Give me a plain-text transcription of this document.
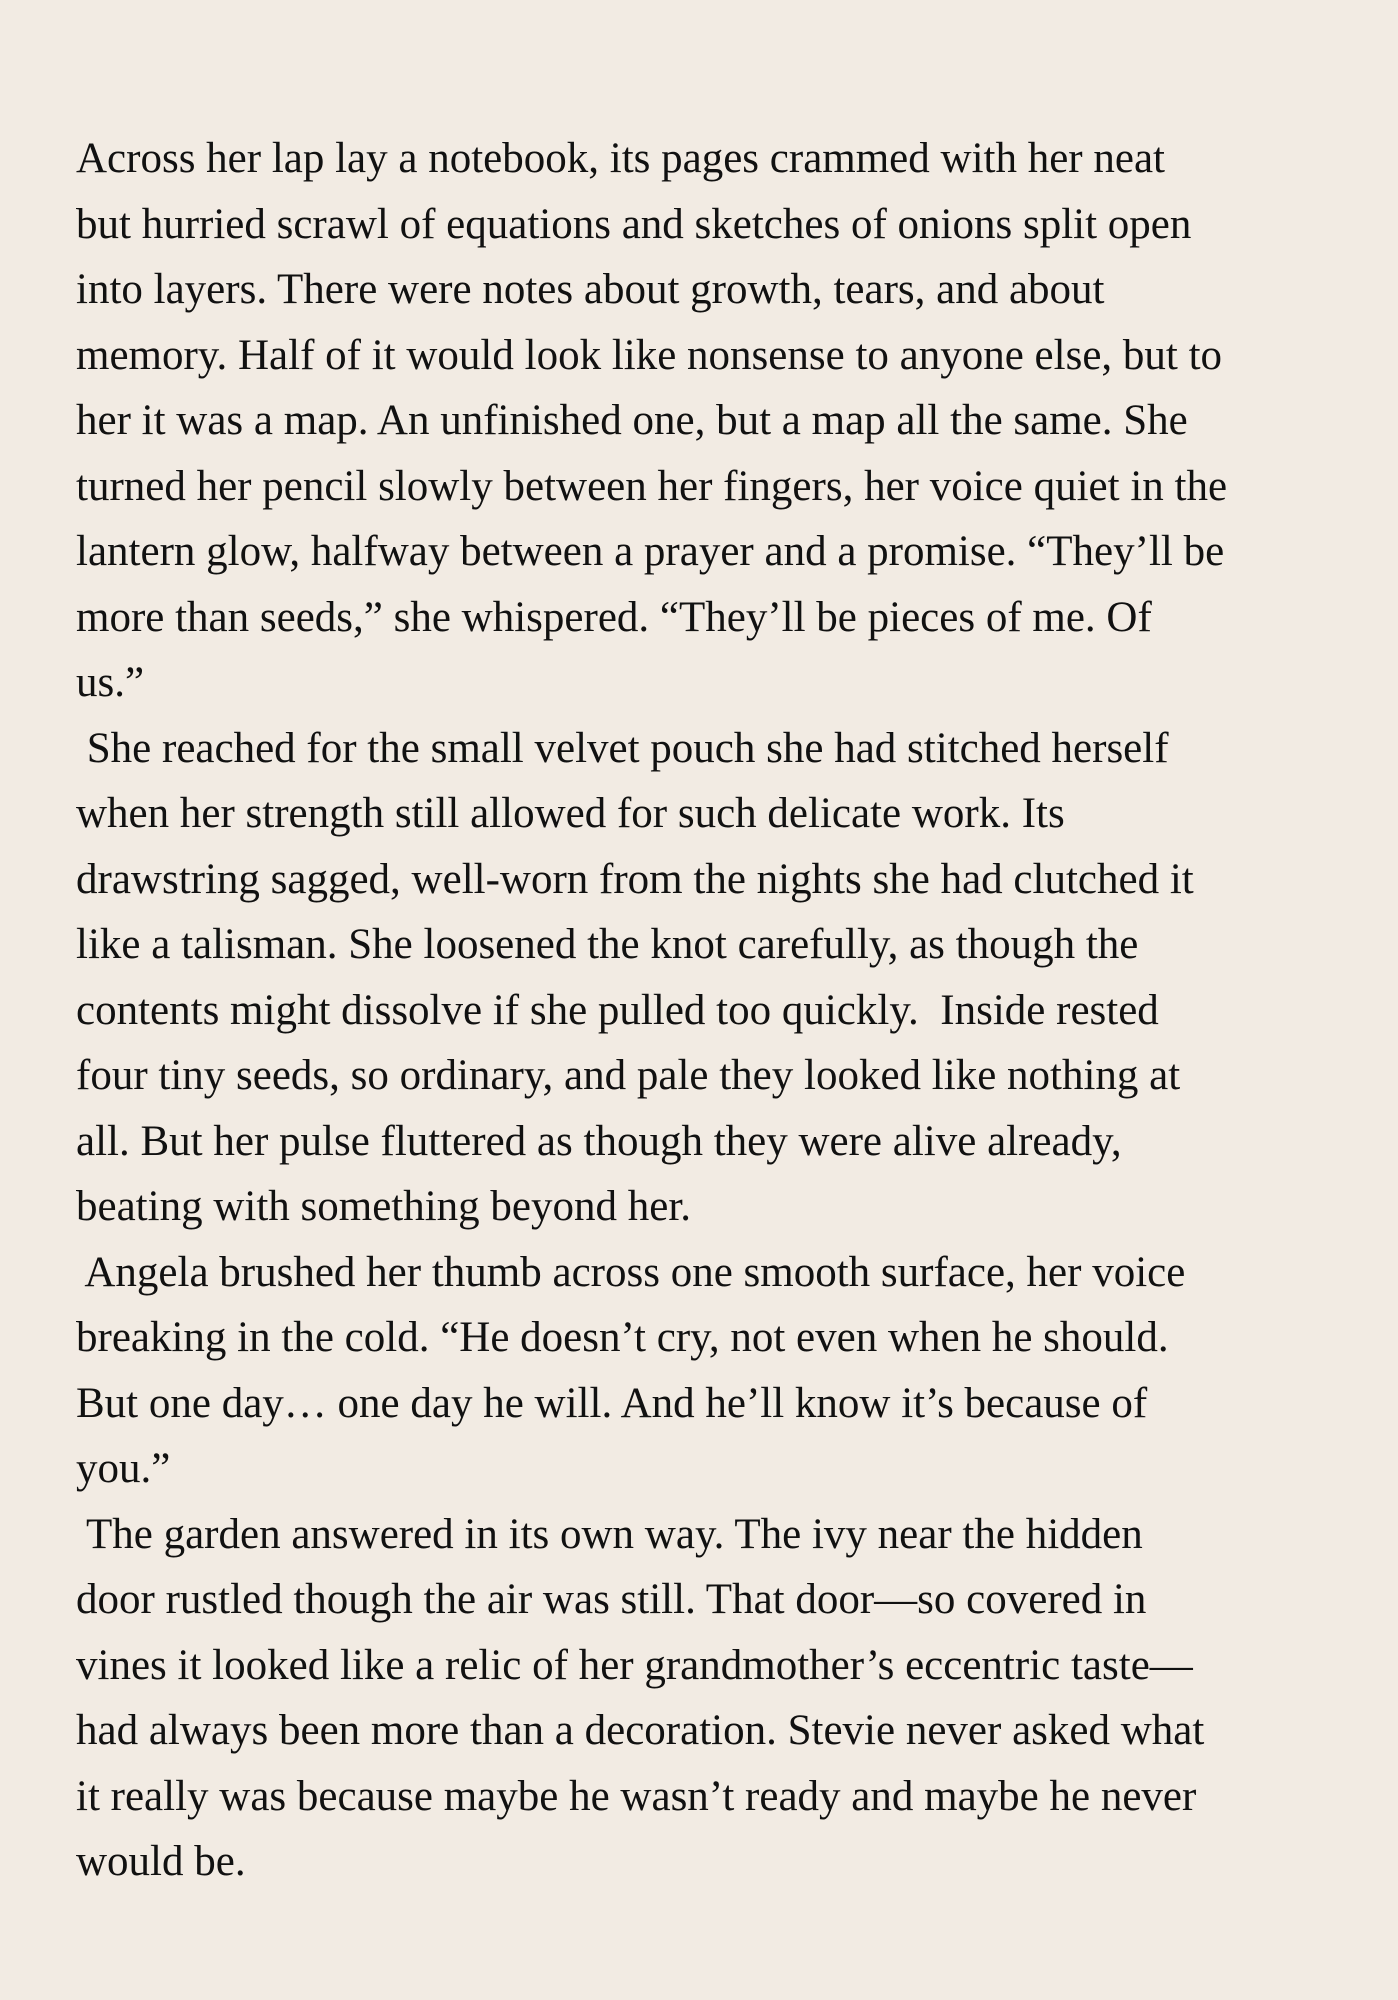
Across her lap lay a notebook, its pages crammed with her neat
but hurried scrawl of equations and sketches of onions split open
into layers. There were notes about growth, tears, and about
memory. Half of it would look like nonsense to anyone else, but to
her it was a map. An unfinished one, but a map all the same. She
turned her pencil slowly between her fingers, her voice quiet in the
lantern glow, halfway between a prayer and a promise. “They’ll be
more than seeds,” she whispered. “They’ll be pieces of me. Of
us.”

She reached for the small velvet pouch she had stitched herself
when her strength still allowed for such delicate work. Its
drawstring sagged, well-worn from the nights she had clutched it
like a talisman. She loosened the knot carefully, as though the
contents might dissolve if she pulled too quickly.  Inside rested
four tiny seeds, so ordinary, and pale they looked like nothing at
all. But her pulse fluttered as though they were alive already,
beating with something beyond her.

Angela brushed her thumb across one smooth surface, her voice
breaking in the cold. “He doesn’t cry, not even when he should.
But one day… one day he will. And he’ll know it’s because of
you.”

The garden answered in its own way. The ivy near the hidden
door rustled though the air was still. That door—so covered in
vines it looked like a relic of her grandmother’s eccentric taste—
had always been more than a decoration. Stevie never asked what
it really was because maybe he wasn’t ready and maybe he never
would be.
